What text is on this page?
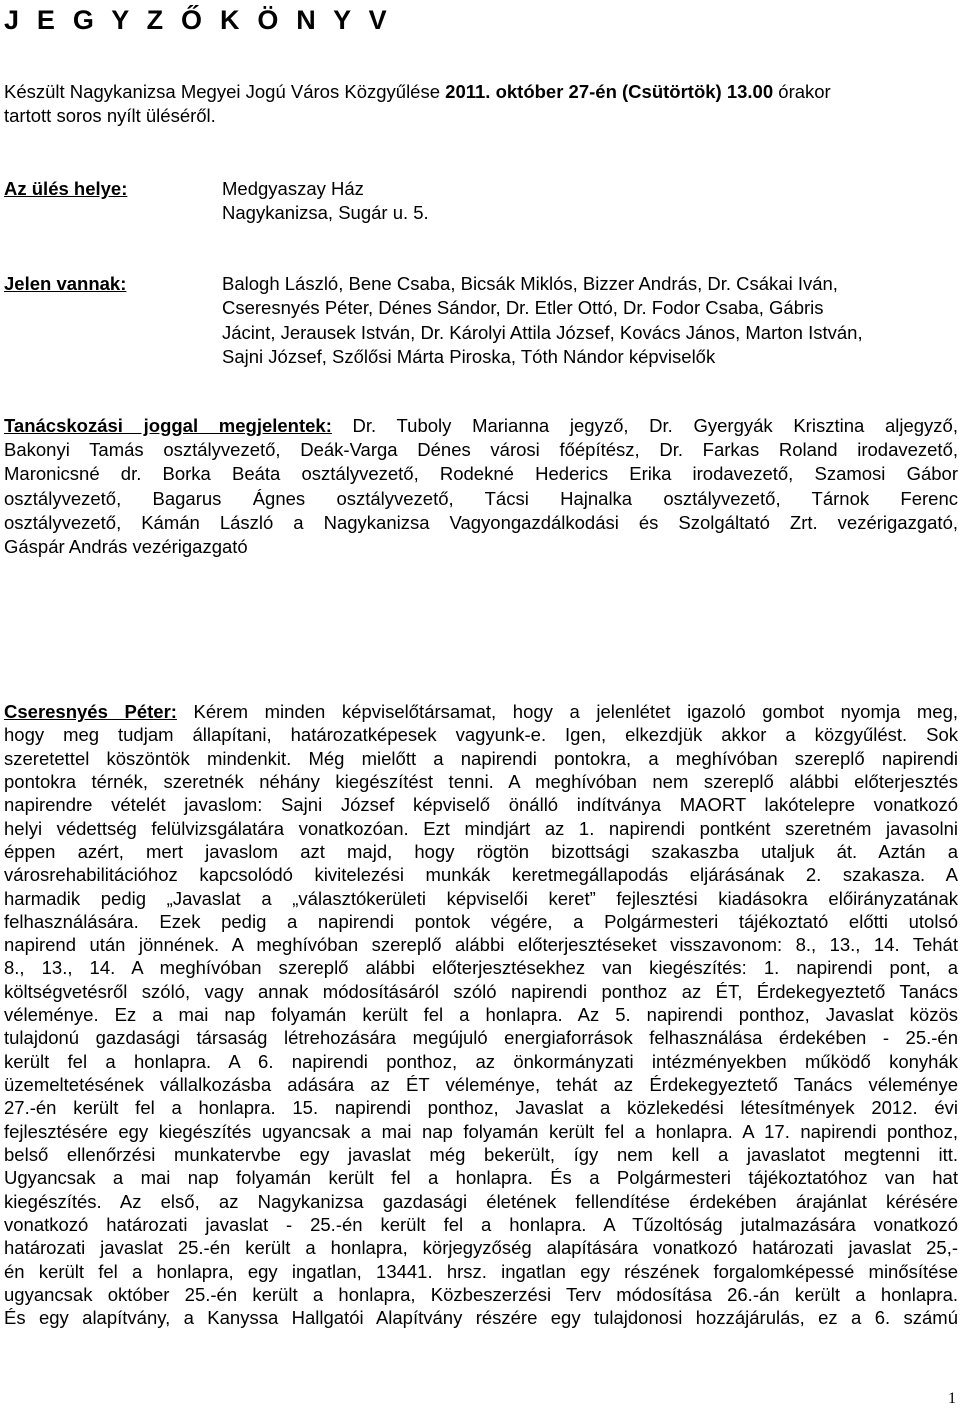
J E G Y Z Ő K Ö N Y V
Készült Nagykanizsa Megyei Jogú Város Közgyűlése 2011. október 27-én (Csütörtök) 13.00 órakor
tartott soros nyílt üléséről.
Az ülés helye:	Medgyaszay Ház
Nagykanizsa, Sugár u. 5.
Jelen vannak:	Balogh László, Bene Csaba, Bicsák Miklós, Bizzer András, Dr. Csákai Iván,
Cseresnyés Péter, Dénes Sándor, Dr. Etler Ottó, Dr. Fodor Csaba, Gábris
Jácint, Jerausek István, Dr. Károlyi Attila József, Kovács János, Marton István,
Sajni József, Szőlősi Márta Piroska, Tóth Nándor képviselők
Tanácskozási joggal megjelentek: Dr. Tuboly Marianna jegyző, Dr. Gyergyák Krisztina aljegyző,
Bakonyi Tamás osztályvezető, Deák-Varga Dénes városi főépítész, Dr. Farkas Roland irodavezető,
Maronicsné dr. Borka Beáta osztályvezető, Rodekné Hederics Erika irodavezető, Szamosi Gábor
osztályvezető, Bagarus Ágnes osztályvezető, Tácsi Hajnalka osztályvezető, Tárnok Ferenc
osztályvezető, Kámán László a Nagykanizsa Vagyongazdálkodási és Szolgáltató Zrt. vezérigazgató,
Gáspár András vezérigazgató
Cseresnyés Péter: Kérem minden képviselőtársamat, hogy a jelenlétet igazoló gombot nyomja meg,
hogy meg tudjam állapítani, határozatképesek vagyunk-e. Igen, elkezdjük akkor a közgyűlést. Sok
szeretettel köszöntök mindenkit. Még mielőtt a napirendi pontokra, a meghívóban szereplő napirendi
pontokra térnék, szeretnék néhány kiegészítést tenni. A meghívóban nem szereplő alábbi előterjesztés
napirendre vételét javaslom: Sajni József képviselő önálló indítványa MAORT lakótelepre vonatkozó
helyi védettség felülvizsgálatára vonatkozóan. Ezt mindjárt az 1. napirendi pontként szeretném javasolni
éppen azért, mert javaslom azt majd, hogy rögtön bizottsági szakaszba utaljuk át. Aztán a
városrehabilitációhoz kapcsolódó kivitelezési munkák keretmegállapodás eljárásának 2. szakasza. A
harmadik pedig „Javaslat a „választókerületi képviselői keret” fejlesztési kiadásokra előirányzatának
felhasználására. Ezek pedig a napirendi pontok végére, a Polgármesteri tájékoztató előtti utolsó
napirend után jönnének. A meghívóban szereplő alábbi előterjesztéseket visszavonom: 8., 13., 14. Tehát
8., 13., 14. A meghívóban szereplő alábbi előterjesztésekhez van kiegészítés: 1. napirendi pont, a
költségvetésről szóló, vagy annak módosításáról szóló napirendi ponthoz az ÉT, Érdekegyeztető Tanács
véleménye. Ez a mai nap folyamán került fel a honlapra. Az 5. napirendi ponthoz, Javaslat közös
tulajdonú gazdasági társaság létrehozására megújuló energiaforrások felhasználása érdekében - 25.-én
került fel a honlapra. A 6. napirendi ponthoz, az önkormányzati intézményekben működő konyhák
üzemeltetésének vállalkozásba adására az ÉT véleménye, tehát az Érdekegyeztető Tanács véleménye
27.-én került fel a honlapra. 15. napirendi ponthoz, Javaslat a közlekedési létesítmények 2012. évi
fejlesztésére egy kiegészítés ugyancsak a mai nap folyamán került fel a honlapra. A 17. napirendi ponthoz,
belső ellenőrzési munkatervbe egy javaslat még bekerült, így nem kell a javaslatot megtenni itt.
Ugyancsak a mai nap folyamán került fel a honlapra. És a Polgármesteri tájékoztatóhoz van hat
kiegészítés. Az első, az Nagykanizsa gazdasági életének fellendítése érdekében árajánlat kérésére
vonatkozó határozati javaslat - 25.-én került fel a honlapra. A Tűzoltóság jutalmazására vonatkozó
határozati javaslat 25.-én került a honlapra, körjegyzőség alapítására vonatkozó határozati javaslat 25,-
én került fel a honlapra, egy ingatlan, 13441. hrsz. ingatlan egy részének forgalomképessé minősítése
ugyancsak október 25.-én került a honlapra, Közbeszerzési Terv módosítása 26.-án került a honlapra.
És egy alapítvány, a Kanyssa Hallgatói Alapítvány részére egy tulajdonosi hozzájárulás, ez a 6. számú
1
